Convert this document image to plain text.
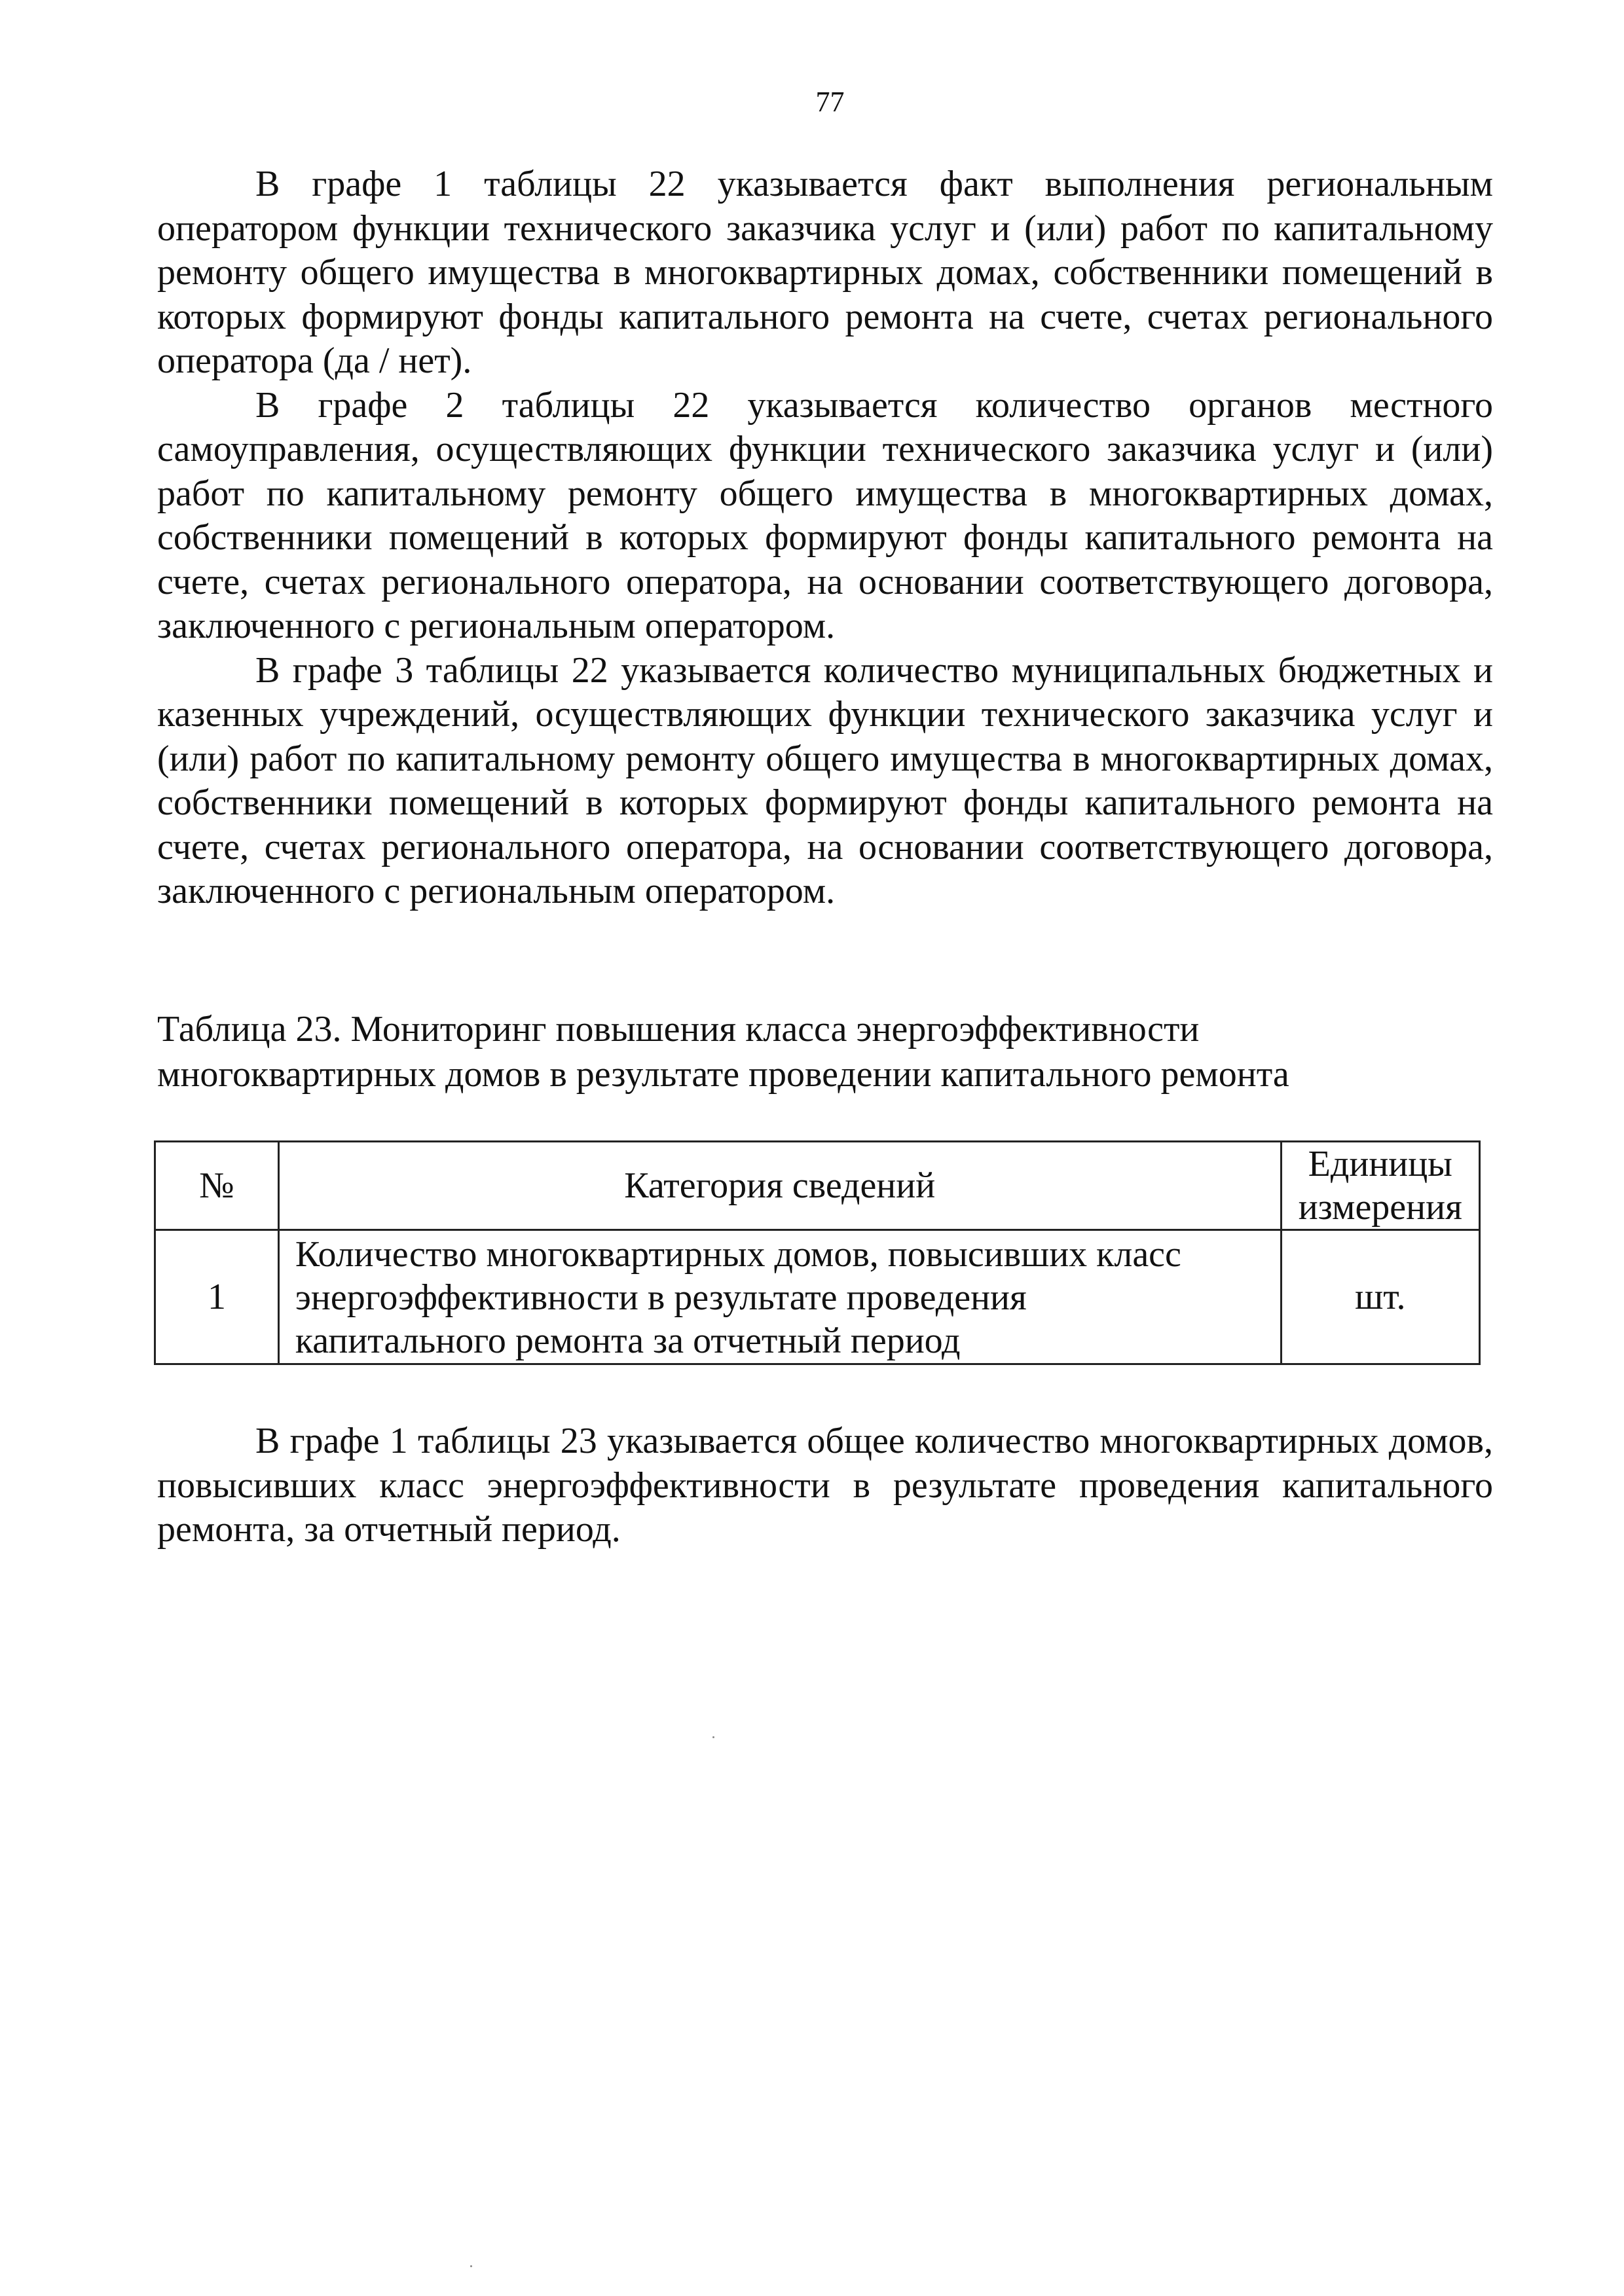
77

В графе 1 таблицы 22 указывается факт выполнения региональным оператором функции технического заказчика услуг и (или) работ по капитальному ремонту общего имущества в многоквартирных домах, собственники помещений в которых формируют фонды капитального ремонта на счете, счетах регионального оператора (да / нет).

В графе 2 таблицы 22 указывается количество органов местного самоуправления, осуществляющих функции технического заказчика услуг и (или) работ по капитальному ремонту общего имущества в многоквартирных домах, собственники помещений в которых формируют фонды капитального ремонта на счете, счетах регионального оператора, на основании соответствующего договора, заключенного с региональным оператором.

В графе 3 таблицы 22 указывается количество муниципальных бюджетных и казенных учреждений, осуществляющих функции технического заказчика услуг и (или) работ по капитальному ремонту общего имущества в многоквартирных домах, собственники помещений в которых формируют фонды капитального ремонта на счете, счетах регионального оператора, на основании соответствующего договора, заключенного с региональным оператором.

Таблица 23. Мониторинг повышения класса энергоэффективности
многоквартирных домов в результате проведении капитального ремонта

№	Категория сведений	Единицы
измерения

1	Количество многоквартирных домов, повысивших класс
энергоэффективности в результате проведения
капитального ремонта за отчетный период	шт.

В графе 1 таблицы 23 указывается общее количество многоквартирных домов, повысивших класс энергоэффективности в результате проведения капитального ремонта, за отчетный период.
